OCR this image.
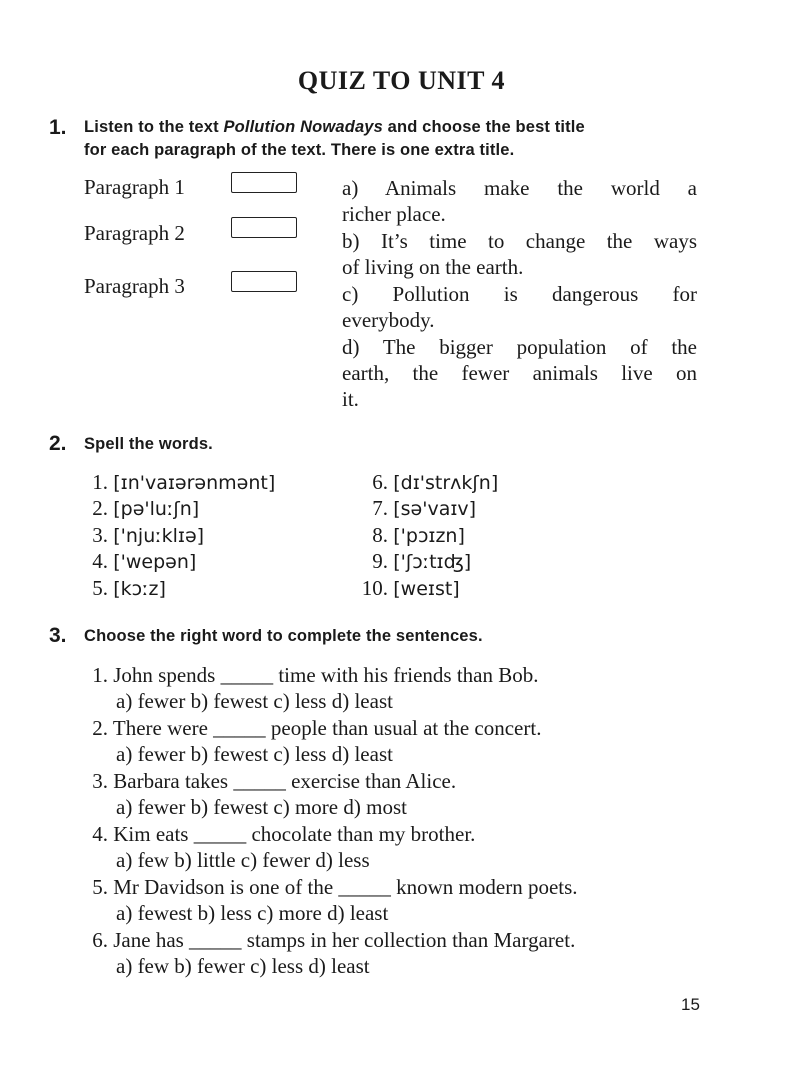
QUIZ TO UNIT 4
1. Listen to the text Pollution Nowadays and choose the best title
for each paragraph of the text. There is one extra title.
Paragraph 1
Paragraph 2
Paragraph 3
a) Animals make the world a
richer place.
b) It’s time to change the ways
of living on the earth.
c) Pollution is dangerous for
everybody.
d) The bigger population of the
earth, the fewer animals live on
it.
2. Spell the words.
1. [ɪn'vaɪərənmənt]
2. [pə'luːʃn]
3. ['njuːklɪə]
4. ['wepən]
5. [kɔːz]
6. [dɪ'strʌkʃn]
7. [sə'vaɪv]
8. ['pɔɪzn]
9. ['ʃɔːtɪʤ]
10. [weɪst]
3. Choose the right word to complete the sentences.
1. John spends _____ time with his friends than Bob.
a) fewer b) fewest c) less d) least
2. There were _____ people than usual at the concert.
a) fewer b) fewest c) less d) least
3. Barbara takes _____ exercise than Alice.
a) fewer b) fewest c) more d) most
4. Kim eats _____ chocolate than my brother.
a) few b) little c) fewer d) less
5. Mr Davidson is one of the _____ known modern poets.
a) fewest b) less c) more d) least
6. Jane has _____ stamps in her collection than Margaret.
a) few b) fewer c) less d) least
15
